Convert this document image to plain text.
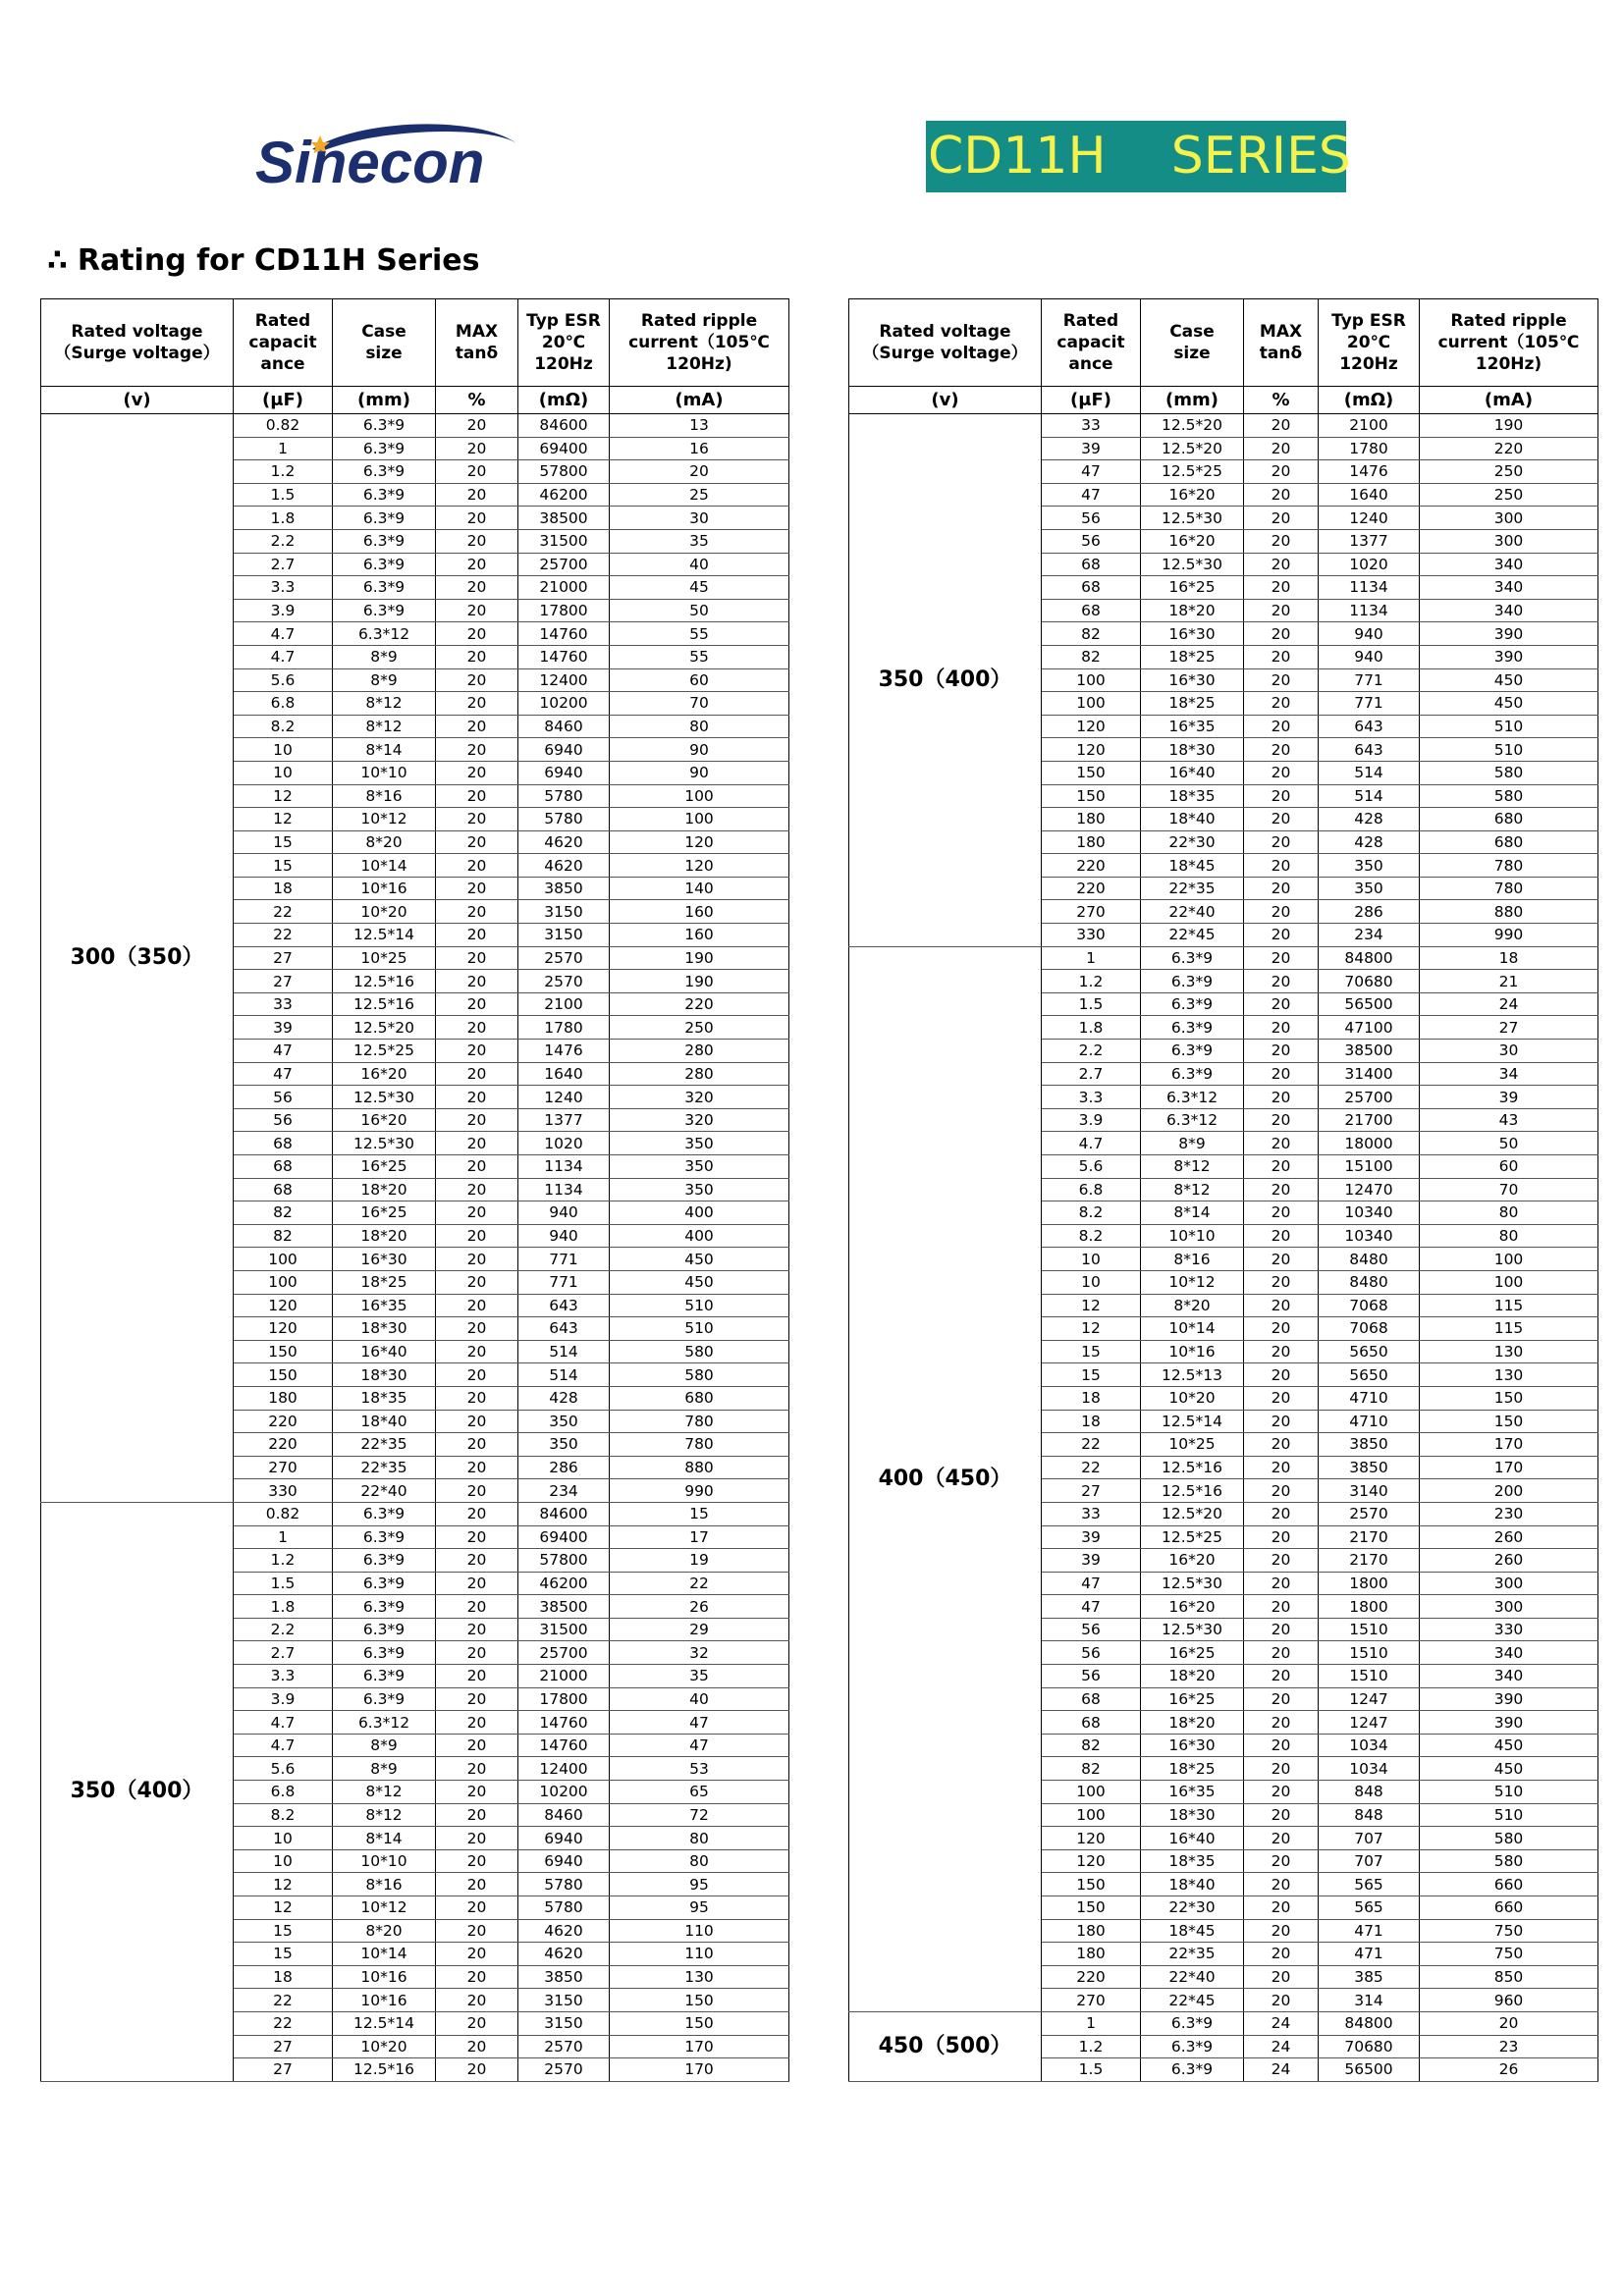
Sinecon	CD11H    SERIES
∴ Rating for CD11H Series
Rated voltage
（Surge voltage）	Rated
capacit
ance	Case
size	MAX
tanδ	Typ ESR
20℃
120Hz	Rated ripple
current（105℃
120Hz)
(v)	(μF)	(mm)	%	(mΩ)	(mA)
300（350）	0.82	6.3*9	20	84600	13
	1	6.3*9	20	69400	16
	1.2	6.3*9	20	57800	20
	1.5	6.3*9	20	46200	25
	1.8	6.3*9	20	38500	30
	2.2	6.3*9	20	31500	35
	2.7	6.3*9	20	25700	40
	3.3	6.3*9	20	21000	45
	3.9	6.3*9	20	17800	50
	4.7	6.3*12	20	14760	55
	4.7	8*9	20	14760	55
	5.6	8*9	20	12400	60
	6.8	8*12	20	10200	70
	8.2	8*12	20	8460	80
	10	8*14	20	6940	90
	10	10*10	20	6940	90
	12	8*16	20	5780	100
	12	10*12	20	5780	100
	15	8*20	20	4620	120
	15	10*14	20	4620	120
	18	10*16	20	3850	140
	22	10*20	20	3150	160
	22	12.5*14	20	3150	160
	27	10*25	20	2570	190
	27	12.5*16	20	2570	190
	33	12.5*16	20	2100	220
	39	12.5*20	20	1780	250
	47	12.5*25	20	1476	280
	47	16*20	20	1640	280
	56	12.5*30	20	1240	320
	56	16*20	20	1377	320
	68	12.5*30	20	1020	350
	68	16*25	20	1134	350
	68	18*20	20	1134	350
	82	16*25	20	940	400
	82	18*20	20	940	400
	100	16*30	20	771	450
	100	18*25	20	771	450
	120	16*35	20	643	510
	120	18*30	20	643	510
	150	16*40	20	514	580
	150	18*30	20	514	580
	180	18*35	20	428	680
	220	18*40	20	350	780
	220	22*35	20	350	780
	270	22*35	20	286	880
	330	22*40	20	234	990
350（400）	0.82	6.3*9	20	84600	15
	1	6.3*9	20	69400	17
	1.2	6.3*9	20	57800	19
	1.5	6.3*9	20	46200	22
	1.8	6.3*9	20	38500	26
	2.2	6.3*9	20	31500	29
	2.7	6.3*9	20	25700	32
	3.3	6.3*9	20	21000	35
	3.9	6.3*9	20	17800	40
	4.7	6.3*12	20	14760	47
	4.7	8*9	20	14760	47
	5.6	8*9	20	12400	53
	6.8	8*12	20	10200	65
	8.2	8*12	20	8460	72
	10	8*14	20	6940	80
	10	10*10	20	6940	80
	12	8*16	20	5780	95
	12	10*12	20	5780	95
	15	8*20	20	4620	110
	15	10*14	20	4620	110
	18	10*16	20	3850	130
	22	10*16	20	3150	150
	22	12.5*14	20	3150	150
	27	10*20	20	2570	170
	27	12.5*16	20	2570	170
Rated voltage
（Surge voltage）	Rated
capacit
ance	Case
size	MAX
tanδ	Typ ESR
20℃
120Hz	Rated ripple
current（105℃
120Hz)
(v)	(μF)	(mm)	%	(mΩ)	(mA)
350（400）	33	12.5*20	20	2100	190
	39	12.5*20	20	1780	220
	47	12.5*25	20	1476	250
	47	16*20	20	1640	250
	56	12.5*30	20	1240	300
	56	16*20	20	1377	300
	68	12.5*30	20	1020	340
	68	16*25	20	1134	340
	68	18*20	20	1134	340
	82	16*30	20	940	390
	82	18*25	20	940	390
	100	16*30	20	771	450
	100	18*25	20	771	450
	120	16*35	20	643	510
	120	18*30	20	643	510
	150	16*40	20	514	580
	150	18*35	20	514	580
	180	18*40	20	428	680
	180	22*30	20	428	680
	220	18*45	20	350	780
	220	22*35	20	350	780
	270	22*40	20	286	880
	330	22*45	20	234	990
400（450）	1	6.3*9	20	84800	18
	1.2	6.3*9	20	70680	21
	1.5	6.3*9	20	56500	24
	1.8	6.3*9	20	47100	27
	2.2	6.3*9	20	38500	30
	2.7	6.3*9	20	31400	34
	3.3	6.3*12	20	25700	39
	3.9	6.3*12	20	21700	43
	4.7	8*9	20	18000	50
	5.6	8*12	20	15100	60
	6.8	8*12	20	12470	70
	8.2	8*14	20	10340	80
	8.2	10*10	20	10340	80
	10	8*16	20	8480	100
	10	10*12	20	8480	100
	12	8*20	20	7068	115
	12	10*14	20	7068	115
	15	10*16	20	5650	130
	15	12.5*13	20	5650	130
	18	10*20	20	4710	150
	18	12.5*14	20	4710	150
	22	10*25	20	3850	170
	22	12.5*16	20	3850	170
	27	12.5*16	20	3140	200
	33	12.5*20	20	2570	230
	39	12.5*25	20	2170	260
	39	16*20	20	2170	260
	47	12.5*30	20	1800	300
	47	16*20	20	1800	300
	56	12.5*30	20	1510	330
	56	16*25	20	1510	340
	56	18*20	20	1510	340
	68	16*25	20	1247	390
	68	18*20	20	1247	390
	82	16*30	20	1034	450
	82	18*25	20	1034	450
	100	16*35	20	848	510
	100	18*30	20	848	510
	120	16*40	20	707	580
	120	18*35	20	707	580
	150	18*40	20	565	660
	150	22*30	20	565	660
	180	18*45	20	471	750
	180	22*35	20	471	750
	220	22*40	20	385	850
	270	22*45	20	314	960
450（500）	1	6.3*9	24	84800	20
	1.2	6.3*9	24	70680	23
	1.5	6.3*9	24	56500	26
